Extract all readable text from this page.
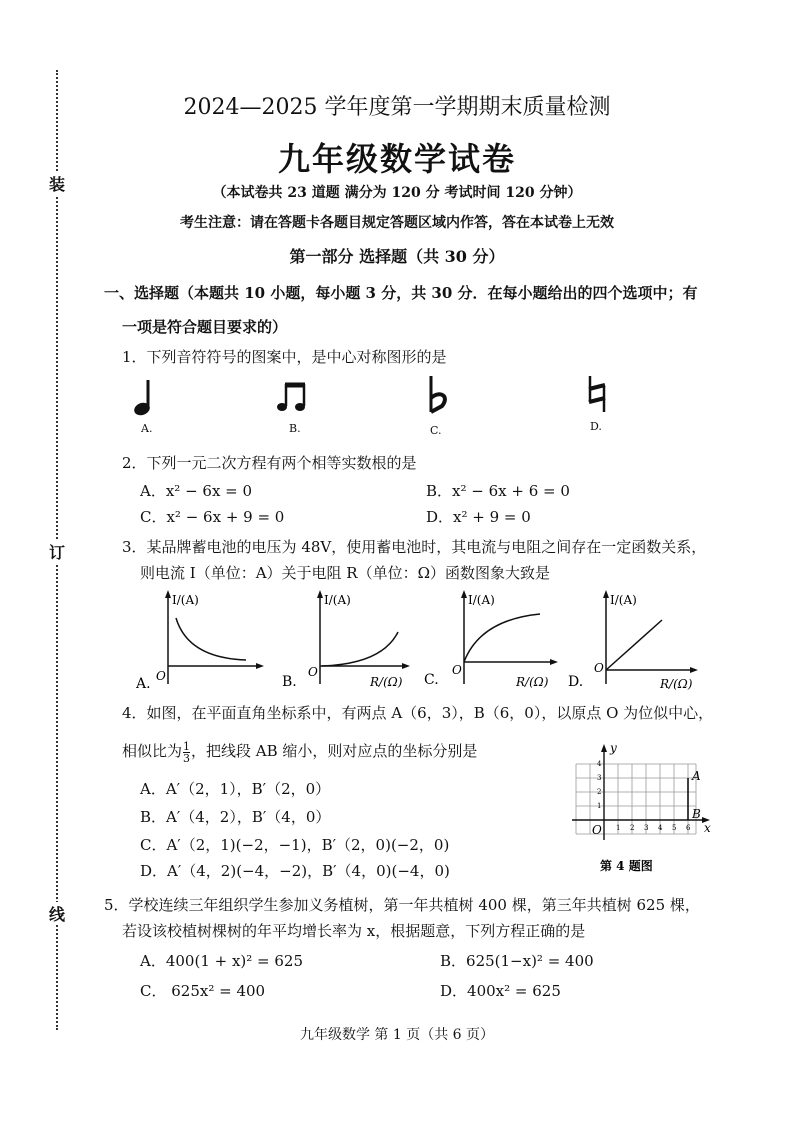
装
订
线
2024—2025 学年度第一学期期末质量检测
九年级数学试卷
（本试卷共 23 道题 满分为 120 分 考试时间 120 分钟）
考生注意：请在答题卡各题目规定答题区域内作答，答在本试卷上无效
第一部分 选择题（共 30 分）
一、选择题（本题共 10 小题，每小题 3 分，共 30 分．在每小题给出的四个选项中；有
一项是符合题目要求的）
1．下列音符符号的图案中，是中心对称图形的是
A.	B.	C.	D.
2．下列一元二次方程有两个相等实数根的是
A．x² − 6x = 0	B．x² − 6x + 6 = 0
C．x² − 6x + 9 = 0	D．x² + 9 = 0
3．某品牌蓄电池的电压为 48V，使用蓄电池时，其电流与电阻之间存在一定函数关系，
则电流 I（单位：A）关于电阻 R（单位：Ω）函数图象大致是
I/(A)
O
A.
I/(A)
O
B.	R/(Ω)
I/(A)
O
C.	R/(Ω)
I/(A)
O
D.	R/(Ω)
4．如图，在平面直角坐标系中，有两点 A（6，3），B（6，0），以原点 O 为位似中心，
相似比为 $\frac{1}{3}$ ，把线段 AB 缩小，则对应点的坐标分别是
A．A′（2，1），B′（2，0）
B．A′（4，2），B′（4，0）
C．A′（2，1)(−2，−1)，B′（2，0)(−2，0)
D．A′（4，2)(−4，−2)，B′（4，0)(−4，0)
y
x
O
A
B
1 2 3 4 5 6
1
2
3
4
第 4 题图
5．学校连续三年组织学生参加义务植树，第一年共植树 400 棵，第三年共植树 625 棵，
若设该校植树棵树的年平均增长率为 x，根据题意，下列方程正确的是
A．400(1 + x)² = 625	B．625(1−x)² = 400
C． 625x² = 400	D．400x² = 625
九年级数学 第 1 页（共 6 页）
